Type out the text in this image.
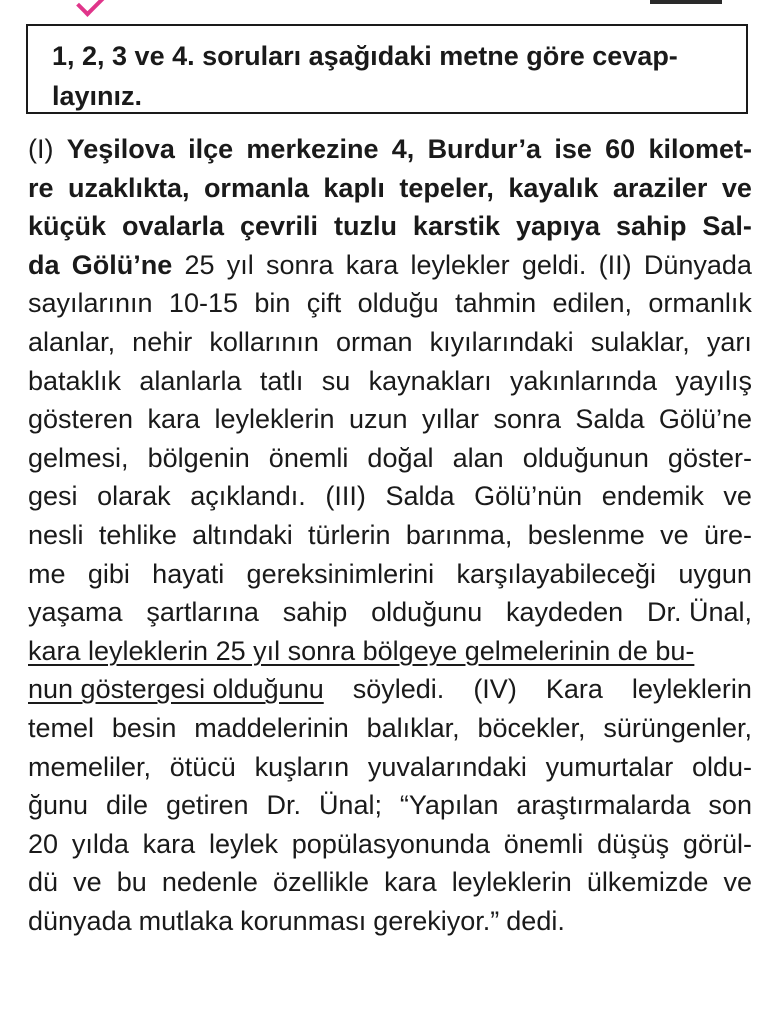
1, 2, 3 ve 4. soruları aşağıdaki metne göre cevap-
layınız.
(I) Yeşilova ilçe merkezine 4, Burdur’a ise 60 kilomet-
re uzaklıkta, ormanla kaplı tepeler, kayalık araziler ve
küçük ovalarla çevrili tuzlu karstik yapıya sahip Sal-
da Gölü’ne 25 yıl sonra kara leylekler geldi. (II) Dünyada
sayılarının 10-15 bin çift olduğu tahmin edilen, ormanlık
alanlar, nehir kollarının orman kıyılarındaki sulaklar, yarı
bataklık alanlarla tatlı su kaynakları yakınlarında yayılış
gösteren kara leyleklerin uzun yıllar sonra Salda Gölü’ne
gelmesi, bölgenin önemli doğal alan olduğunun göster-
gesi olarak açıklandı. (III) Salda Gölü’nün endemik ve
nesli tehlike altındaki türlerin barınma, beslenme ve üre-
me gibi hayati gereksinimlerini karşılayabileceği uygun
yaşama şartlarına sahip olduğunu kaydeden Dr. Ünal,
kara leyleklerin 25 yıl sonra bölgeye gelmelerinin de bu-
nun göstergesi olduğunu söyledi. (IV) Kara leyleklerin
temel besin maddelerinin balıklar, böcekler, sürüngenler,
memeliler, ötücü kuşların yuvalarındaki yumurtalar oldu-
ğunu dile getiren Dr. Ünal; “Yapılan araştırmalarda son
20 yılda kara leylek popülasyonunda önemli düşüş görül-
dü ve bu nedenle özellikle kara leyleklerin ülkemizde ve
dünyada mutlaka korunması gerekiyor.” dedi.
